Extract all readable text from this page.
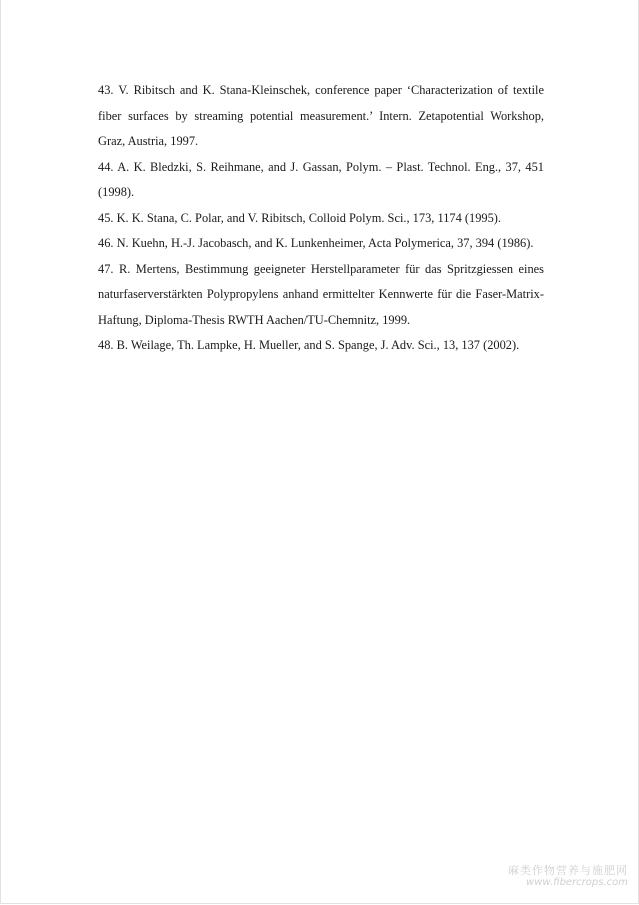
43. V. Ribitsch and K. Stana-Kleinschek, conference paper ‘Characterization of textile fiber surfaces by streaming potential measurement.’ Intern. Zetapotential Workshop, Graz, Austria, 1997.
44. A. K. Bledzki, S. Reihmane, and J. Gassan, Polym. – Plast. Technol. Eng., 37, 451 (1998).
45. K. K. Stana, C. Polar, and V. Ribitsch, Colloid Polym. Sci., 173, 1174 (1995).
46. N. Kuehn, H.-J. Jacobasch, and K. Lunkenheimer, Acta Polymerica, 37, 394 (1986).
47. R. Mertens, Bestimmung geeigneter Herstellparameter für das Spritzgiessen eines naturfaserverstärkten Polypropylens anhand ermittelter Kennwerte für die Faser-Matrix-Haftung, Diploma-Thesis RWTH Aachen/TU-Chemnitz, 1999.
48. B. Weilage, Th. Lampke, H. Mueller, and S. Spange, J. Adv. Sci., 13, 137 (2002).
麻类作物营养与施肥网
www.fibercrops.com
